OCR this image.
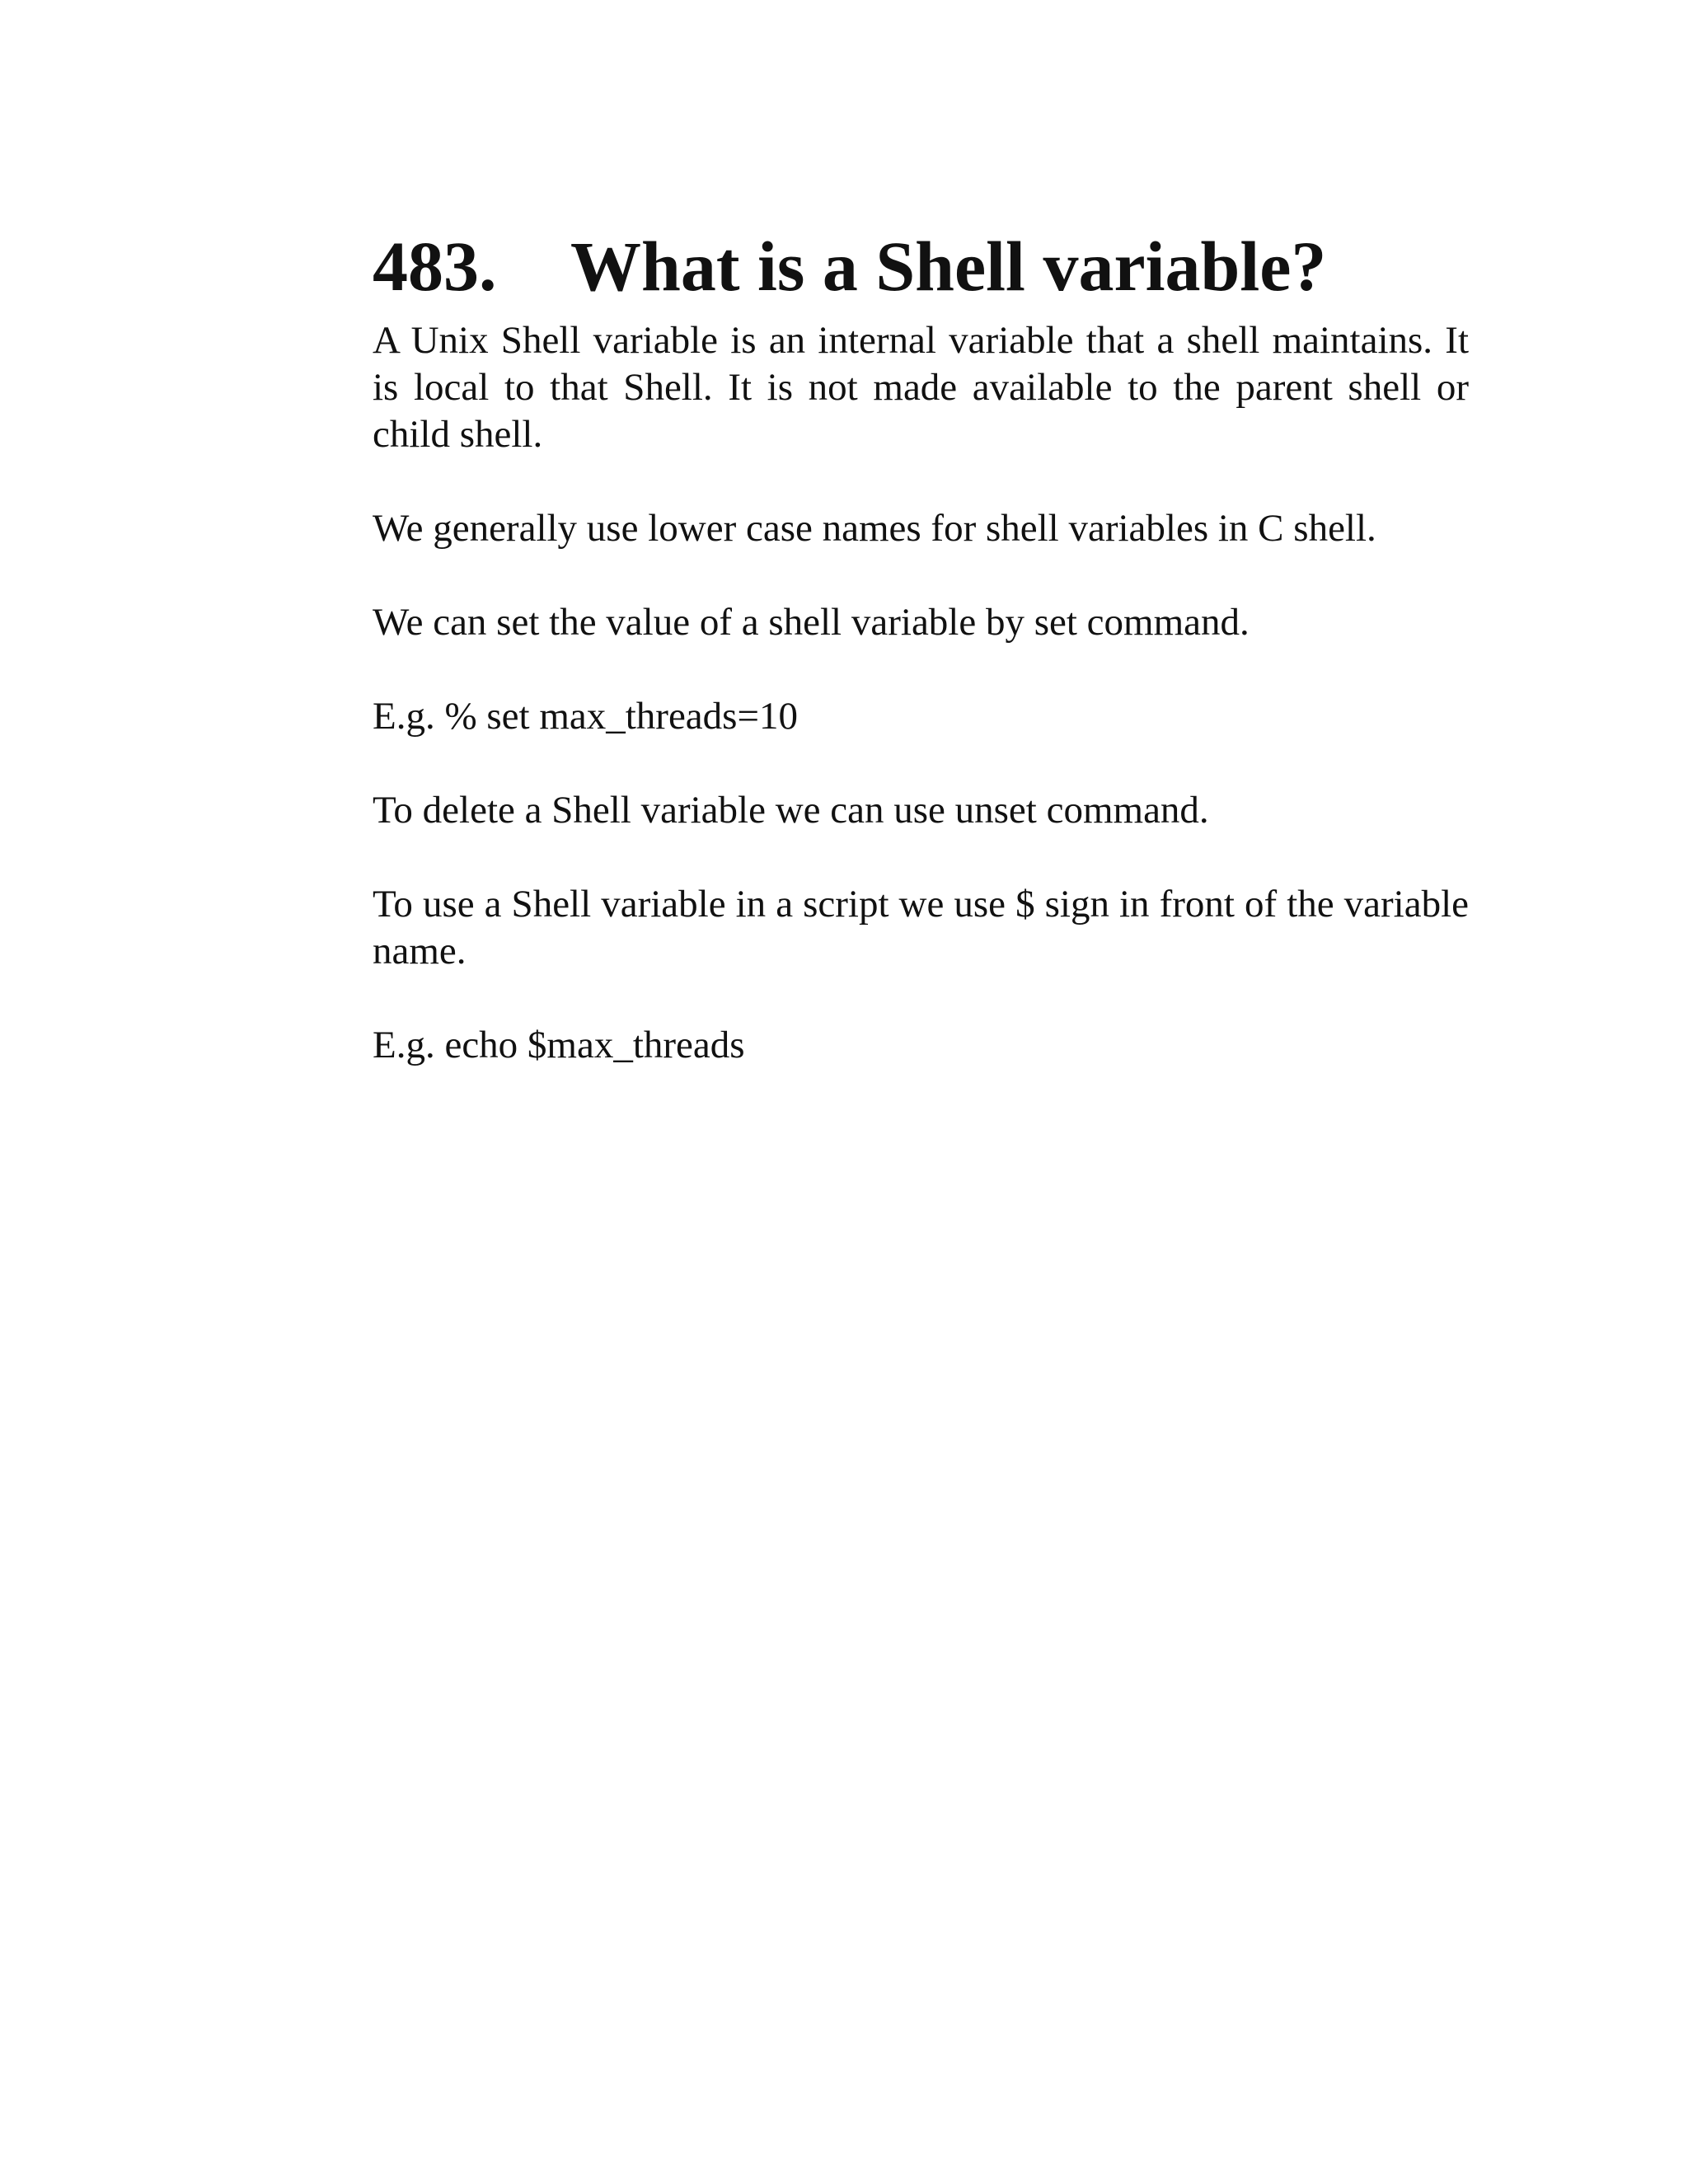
483.	What is a Shell variable?

A Unix Shell variable is an internal variable that a shell maintains. It is local to that Shell. It is not made available to the parent shell or child shell.

We generally use lower case names for shell variables in C shell.

We can set the value of a shell variable by set command.

E.g. % set max_threads=10

To delete a Shell variable we can use unset command.

To use a Shell variable in a script we use $ sign in front of the variable name.

E.g. echo $max_threads
